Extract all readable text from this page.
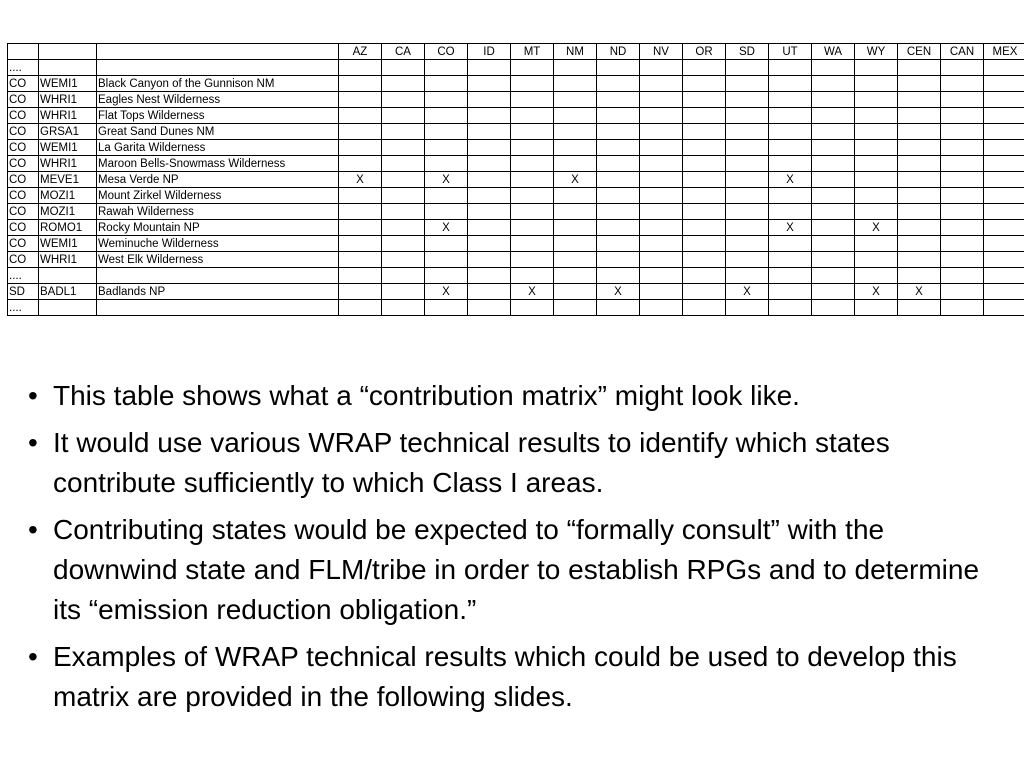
			AZ	CA	CO	ID	MT	NM	ND	NV	OR	SD	UT	WA	WY	CEN	CAN	MEX
....																		
CO	WEMI1	Black Canyon of the Gunnison NM																
CO	WHRI1	Eagles Nest Wilderness																
CO	WHRI1	Flat Tops Wilderness																
CO	GRSA1	Great Sand Dunes NM																
CO	WEMI1	La Garita Wilderness																
CO	WHRI1	Maroon Bells-Snowmass Wilderness																
CO	MEVE1	Mesa Verde NP	X		X			X					X					
CO	MOZI1	Mount Zirkel Wilderness																
CO	MOZI1	Rawah Wilderness																
CO	ROMO1	Rocky Mountain NP			X								X		X			
CO	WEMI1	Weminuche Wilderness																
CO	WHRI1	West Elk Wilderness																
....																		
SD	BADL1	Badlands NP			X		X		X			X			X	X		
....																		
• This table shows what a “contribution matrix” might look like.
• It would use various WRAP technical results to identify which states contribute sufficiently to which Class I areas.
• Contributing states would be expected to “formally consult” with the downwind state and FLM/tribe in order to establish RPGs and to determine its “emission reduction obligation.”
• Examples of WRAP technical results which could be used to develop this matrix are provided in the following slides.
